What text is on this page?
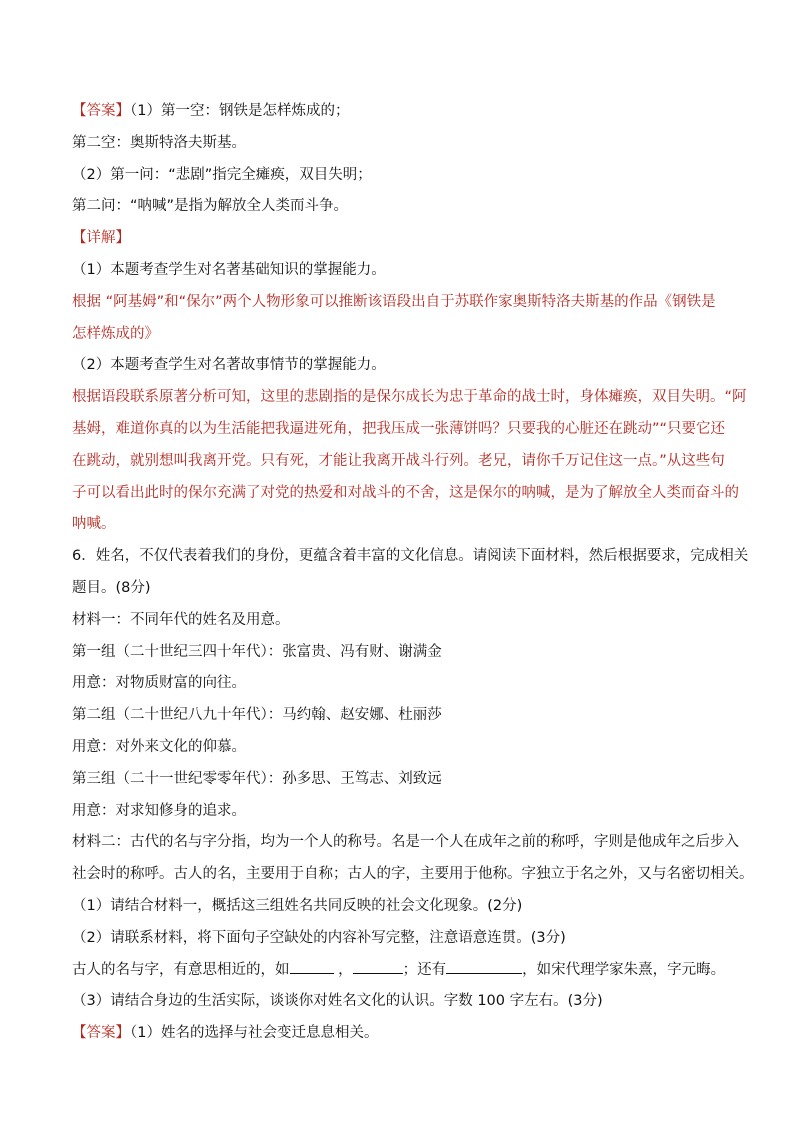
【答案】（1）第一空：钢铁是怎样炼成的；
第二空：奥斯特洛夫斯基。
（2）第一问：“悲剧”指完全瘫痪，双目失明；
第二问：“呐喊”是指为解放全人类而斗争。
【详解】
（1）本题考查学生对名著基础知识的掌握能力。
根据 “阿基姆”和“保尔”两个人物形象可以推断该语段出自于苏联作家奥斯特洛夫斯基的作品《钢铁是
怎样炼成的》
（2）本题考查学生对名著故事情节的掌握能力。
根据语段联系原著分析可知，这里的悲剧指的是保尔成长为忠于革命的战士时，身体瘫痪，双目失明。“阿
基姆，难道你真的以为生活能把我逼进死角，把我压成一张薄饼吗？只要我的心脏还在跳动”“只要它还
在跳动，就别想叫我离开党。只有死，才能让我离开战斗行列。老兄，请你千万记住这一点。”从这些句
子可以看出此时的保尔充满了对党的热爱和对战斗的不舍，这是保尔的呐喊，是为了解放全人类而奋斗的
呐喊。
6．姓名，不仅代表着我们的身份，更蕴含着丰富的文化信息。请阅读下面材料，然后根据要求，完成相关
题目。(8分)
材料一：不同年代的姓名及用意。
第一组（二十世纪三四十年代）：张富贵、冯有财、谢满金
用意：对物质财富的向往。
第二组（二十世纪八九十年代）：马约翰、赵安娜、杜丽莎
用意：对外来文化的仰慕。
第三组（二十一世纪零零年代）：孙多思、王笃志、刘致远
用意：对求知修身的追求。
材料二：古代的名与字分指，均为一个人的称号。名是一个人在成年之前的称呼，字则是他成年之后步入
社会时的称呼。古人的名，主要用于自称；古人的字，主要用于他称。字独立于名之外，又与名密切相关。
（1）请结合材料一，概括这三组姓名共同反映的社会文化现象。(2分)
（2）请联系材料，将下面句子空缺处的内容补写完整，注意语意连贯。(3分)
古人的名与字，有意思相近的，如	，	；还有	，如宋代理学家朱熹，字元晦。
（3）请结合身边的生活实际，谈谈你对姓名文化的认识。字数 100 字左右。(3分)
【答案】（1）姓名的选择与社会变迁息息相关。
